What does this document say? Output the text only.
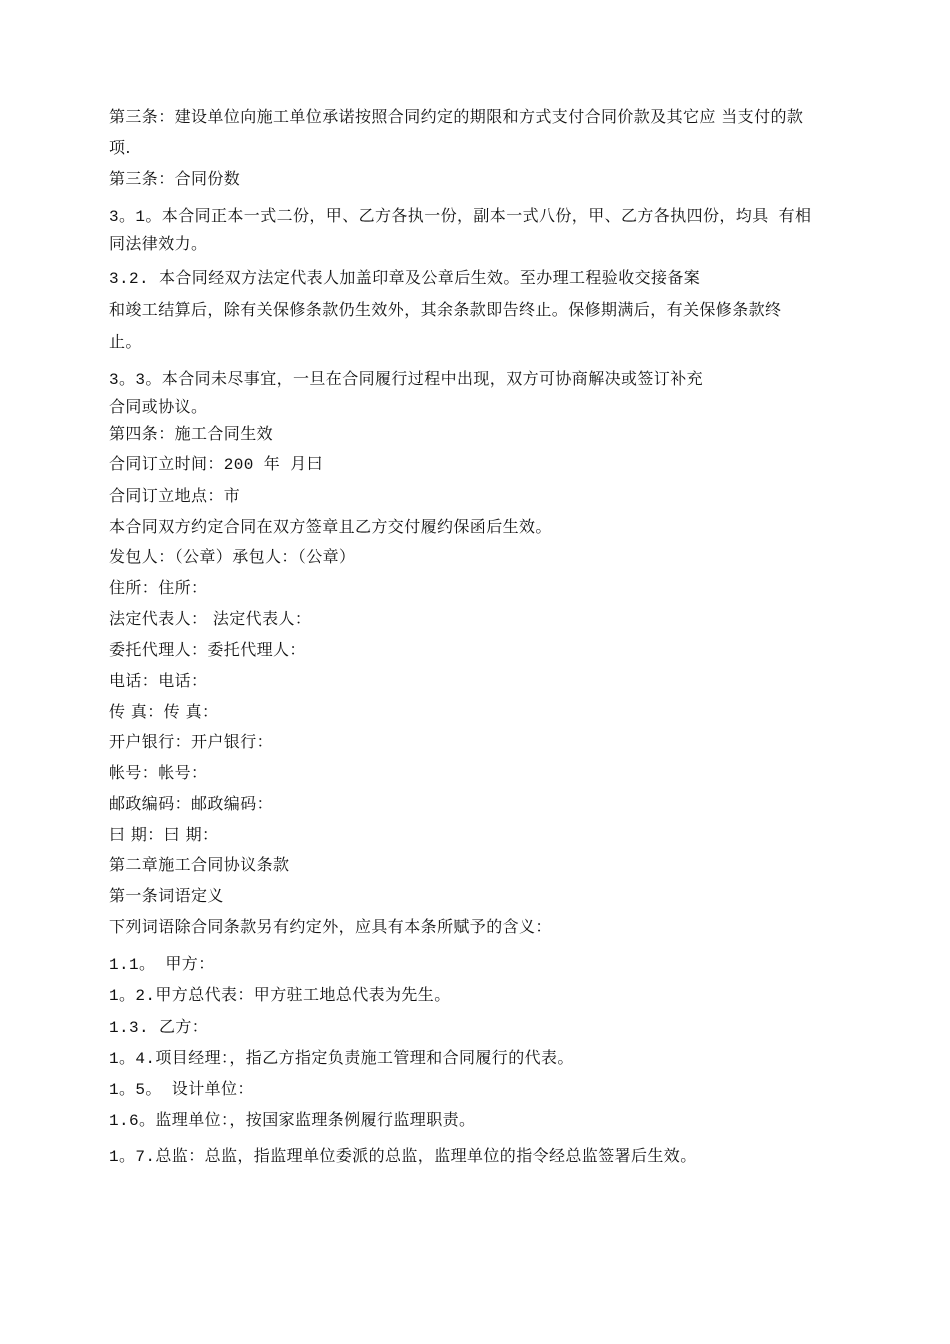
第三条：建设单位向施工单位承诺按照合同约定的期限和方式支付合同价款及其它应 当支付的款
项.
第三条：合同份数
3。1。本合同正本一式二份，甲、乙方各执一份，副本一式八份，甲、乙方各执四份，均具 有相
同法律效力。
3.2. 本合同经双方法定代表人加盖印章及公章后生效。至办理工程验收交接备案
和竣工结算后，除有关保修条款仍生效外，其余条款即告终止。保修期满后，有关保修条款终
止。
3。3。本合同未尽事宜，一旦在合同履行过程中出现，双方可协商解决或签订补充
合同或协议。
第四条：施工合同生效
合同订立时间：200 年 月曰
合同订立地点：市
本合同双方约定合同在双方签章且乙方交付履约保函后生效。
发包人：（公章）承包人：（公章）
住所：住所：
法定代表人： 法定代表人：
委托代理人：委托代理人：
电话：电话：
传 真：传 真：
开户银行：开户银行：
帐号：帐号：
邮政编码：邮政编码：
曰 期：曰 期：
第二章施工合同协议条款
第一条词语定义
下列词语除合同条款另有约定外，应具有本条所赋予的含义：
1.1。 甲方：
1。2.甲方总代表：甲方驻工地总代表为先生。
1.3. 乙方：
1。4.项目经理：，指乙方指定负责施工管理和合同履行的代表。
1。5。 设计单位：
1.6。监理单位：，按国家监理条例履行监理职责。
1。7.总监：总监，指监理单位委派的总监，监理单位的指令经总监签署后生效。
